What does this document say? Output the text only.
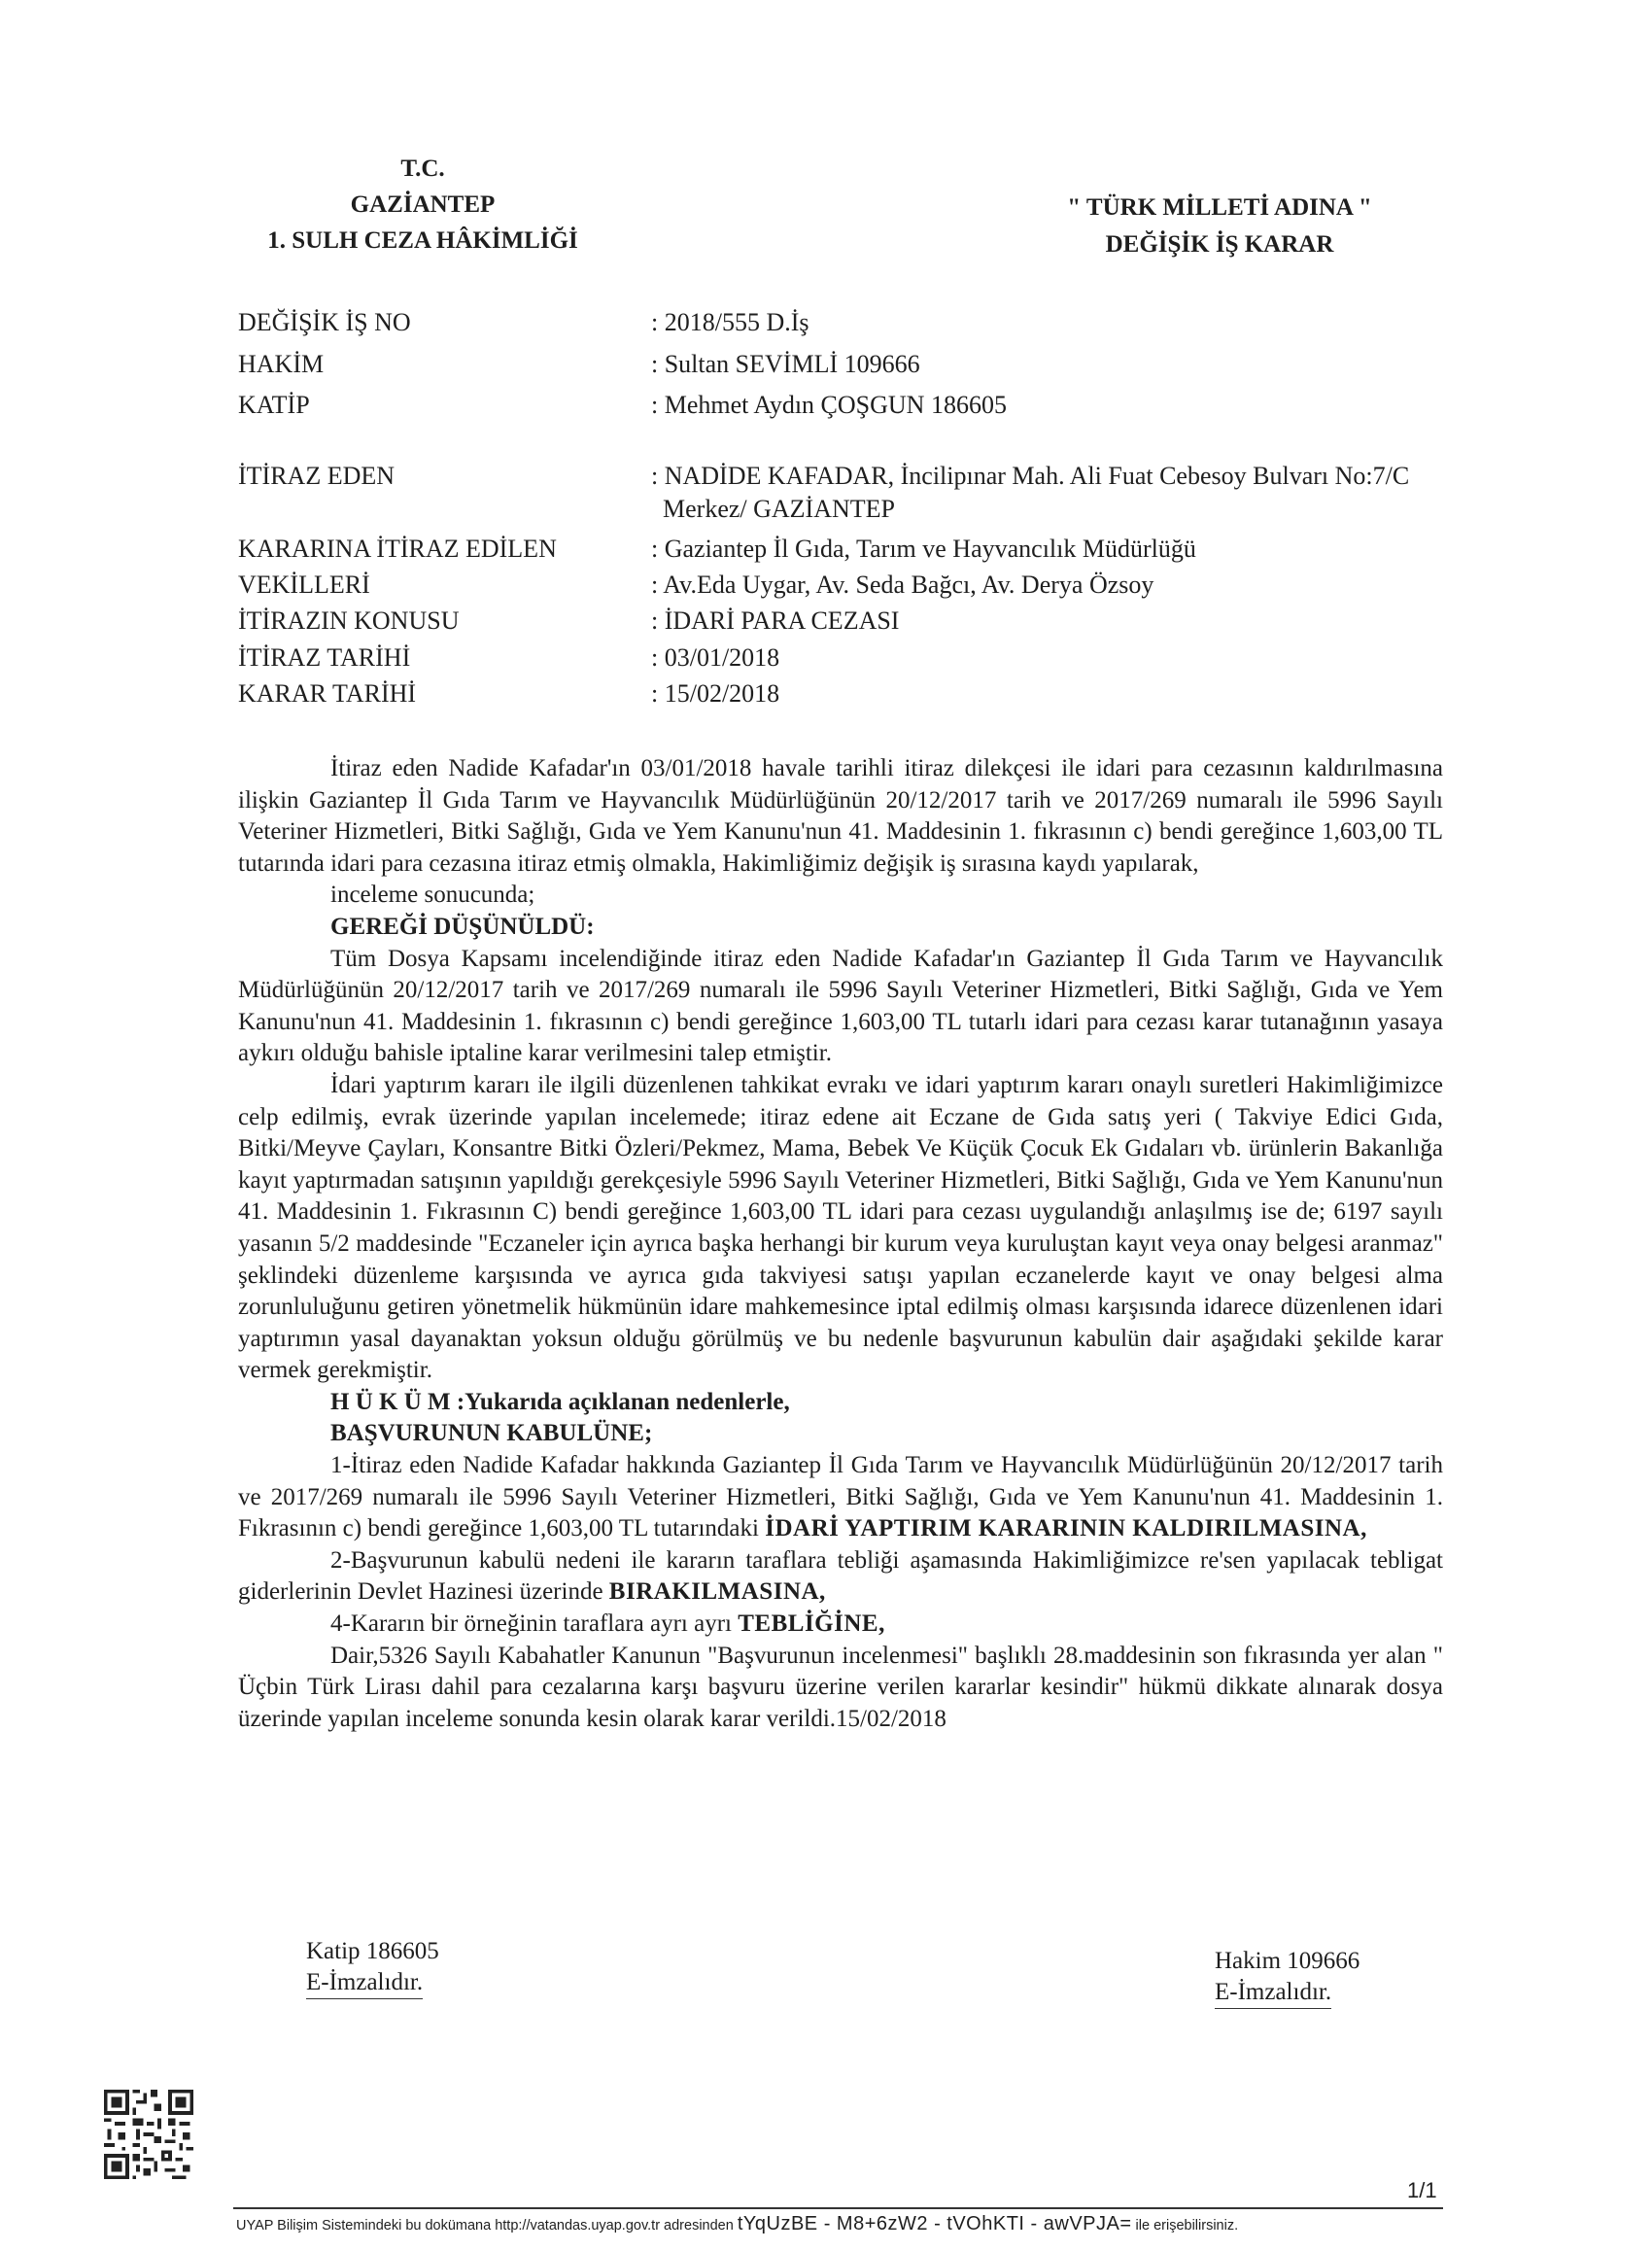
T.C.
GAZİANTEP
1. SULH CEZA HÂKİMLİĞİ
" TÜRK MİLLETİ ADINA "
DEĞİŞİK İŞ KARAR
DEĞİŞİK İŞ NO	: 2018/555 D.İş
HAKİM	: Sultan SEVİMLİ 109666
KATİP	: Mehmet Aydın ÇOŞGUN 186605
İTİRAZ EDEN	: NADİDE KAFADAR, İncilipınar Mah. Ali Fuat Cebesoy Bulvarı No:7/C Merkez/ GAZİANTEP
KARARINA İTİRAZ EDİLEN	: Gaziantep İl Gıda, Tarım ve Hayvancılık Müdürlüğü
VEKİLLERİ	: Av.Eda Uygar, Av. Seda Bağcı, Av. Derya Özsoy
İTİRAZIN KONUSU	: İDARİ PARA CEZASI
İTİRAZ TARİHİ	: 03/01/2018
KARAR TARİHİ	: 15/02/2018

İtiraz eden Nadide Kafadar'ın 03/01/2018 havale tarihli itiraz dilekçesi ile idari para cezasının kaldırılmasına ilişkin Gaziantep İl Gıda Tarım ve Hayvancılık Müdürlüğünün 20/12/2017 tarih ve 2017/269 numaralı ile 5996 Sayılı Veteriner Hizmetleri, Bitki Sağlığı, Gıda ve Yem Kanunu'nun 41. Maddesinin 1. fıkrasının c) bendi gereğince 1,603,00 TL tutarında idari para cezasına itiraz etmiş olmakla, Hakimliğimiz değişik iş sırasına kaydı yapılarak,

inceleme sonucunda;

GEREĞİ DÜŞÜNÜLDÜ:

Tüm Dosya Kapsamı incelendiğinde itiraz eden Nadide Kafadar'ın Gaziantep İl Gıda Tarım ve Hayvancılık Müdürlüğünün 20/12/2017 tarih ve 2017/269 numaralı ile 5996 Sayılı Veteriner Hizmetleri, Bitki Sağlığı, Gıda ve Yem Kanunu'nun 41. Maddesinin 1. fıkrasının c) bendi gereğince 1,603,00 TL tutarlı idari para cezası karar tutanağının yasaya aykırı olduğu bahisle iptaline karar verilmesini talep etmiştir.

İdari yaptırım kararı ile ilgili düzenlenen tahkikat evrakı ve idari yaptırım kararı onaylı suretleri Hakimliğimizce celp edilmiş, evrak üzerinde yapılan incelemede; itiraz edene ait Eczane de Gıda satış yeri ( Takviye Edici Gıda, Bitki/Meyve Çayları, Konsantre Bitki Özleri/Pekmez, Mama, Bebek Ve Küçük Çocuk Ek Gıdaları vb. ürünlerin Bakanlığa kayıt yaptırmadan satışının yapıldığı gerekçesiyle 5996 Sayılı Veteriner Hizmetleri, Bitki Sağlığı, Gıda ve Yem Kanunu'nun 41. Maddesinin 1. Fıkrasının C) bendi gereğince 1,603,00 TL idari para cezası uygulandığı anlaşılmış ise de; 6197 sayılı yasanın 5/2 maddesinde "Eczaneler için ayrıca başka herhangi bir kurum veya kuruluştan kayıt veya onay belgesi aranmaz" şeklindeki düzenleme karşısında ve ayrıca gıda takviyesi satışı yapılan eczanelerde kayıt ve onay belgesi alma zorunluluğunu getiren yönetmelik hükmünün idare mahkemesince iptal edilmiş olması karşısında idarece düzenlenen idari yaptırımın yasal dayanaktan yoksun olduğu görülmüş ve bu nedenle başvurunun kabulün dair aşağıdaki şekilde karar vermek gerekmiştir.

H Ü K Ü M :Yukarıda açıklanan nedenlerle,

BAŞVURUNUN KABULÜNE;

1-İtiraz eden Nadide Kafadar hakkında Gaziantep İl Gıda Tarım ve Hayvancılık Müdürlüğünün 20/12/2017 tarih ve 2017/269 numaralı ile 5996 Sayılı Veteriner Hizmetleri, Bitki Sağlığı, Gıda ve Yem Kanunu'nun 41. Maddesinin 1. Fıkrasının c) bendi gereğince 1,603,00 TL tutarındaki İDARİ YAPTIRIM KARARININ KALDIRILMASINA,

2-Başvurunun kabulü nedeni ile kararın taraflara tebliği aşamasında Hakimliğimizce re'sen yapılacak tebligat giderlerinin Devlet Hazinesi üzerinde BIRAKILMASINA,

4-Kararın bir örneğinin taraflara ayrı ayrı TEBLİĞİNE,

Dair,5326 Sayılı Kabahatler Kanunun "Başvurunun incelenmesi" başlıklı 28.maddesinin son fıkrasında yer alan " Üçbin Türk Lirası dahil para cezalarına karşı başvuru üzerine verilen kararlar kesindir" hükmü dikkate alınarak dosya üzerinde yapılan inceleme sonunda kesin olarak karar verildi.15/02/2018

Katip 186605
E-İmzalıdır.
Hakim 109666
E-İmzalıdır.
1/1
UYAP Bilişim Sistemindeki bu dokümana http://vatandas.uyap.gov.tr adresinden tYqUzBE - M8+6zW2 - tVOhKTI - awVPJA= ile erişebilirsiniz.
